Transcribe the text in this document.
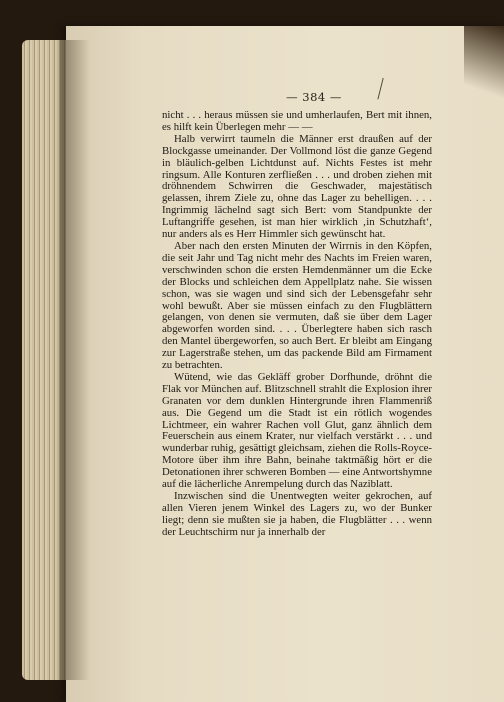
— 384 —

nicht . . . heraus müssen sie und umherlaufen, Bert mit ihnen, es hilft kein Überlegen mehr — —

Halb verwirrt taumeln die Männer erst draußen auf der Blockgasse umeinander. Der Vollmond löst die ganze Gegend in bläulich-gelben Lichtdunst auf. Nichts Festes ist mehr ringsum. Alle Konturen zerfließen . . . und droben ziehen mit dröhnendem Schwirren die Geschwader, majestätisch gelassen, ihrem Ziele zu, ohne das Lager zu behelligen. . . . Ingrimmig lächelnd sagt sich Bert: vom Standpunkte der Luftangriffe gesehen, ist man hier wirklich ‚in Schutzhaft‘, nur anders als es Herr Himmler sich gewünscht hat.

Aber nach den ersten Minuten der Wirrnis in den Köpfen, die seit Jahr und Tag nicht mehr des Nachts im Freien waren, verschwinden schon die ersten Hemdenmänner um die Ecke der Blocks und schleichen dem Appellplatz nahe. Sie wissen schon, was sie wagen und sind sich der Lebensgefahr sehr wohl bewußt. Aber sie müssen einfach zu den Flugblättern gelangen, von denen sie vermuten, daß sie über dem Lager abgeworfen worden sind. . . . Überlegtere haben sich rasch den Mantel übergeworfen, so auch Bert. Er bleibt am Eingang zur Lagerstraße stehen, um das packende Bild am Firmament zu betrachten.

Wütend, wie das Gekläff grober Dorfhunde, dröhnt die Flak vor München auf. Blitzschnell strahlt die Explosion ihrer Granaten vor dem dunklen Hintergrunde ihren Flammenriß aus. Die Gegend um die Stadt ist ein rötlich wogendes Lichtmeer, ein wahrer Rachen voll Glut, ganz ähnlich dem Feuerschein aus einem Krater, nur vielfach verstärkt . . . und wunderbar ruhig, gesättigt gleichsam, ziehen die Rolls-Royce-Motore über ihm ihre Bahn, beinahe taktmäßig hört er die Detonationen ihrer schweren Bomben — eine Antwortshymne auf die lächerliche Anrempelung durch das Naziblatt.

Inzwischen sind die Unentwegten weiter gekrochen, auf allen Vieren jenem Winkel des Lagers zu, wo der Bunker liegt; denn sie mußten sie ja haben, die Flugblätter . . . wenn der Leuchtschirm nur ja innerhalb der
